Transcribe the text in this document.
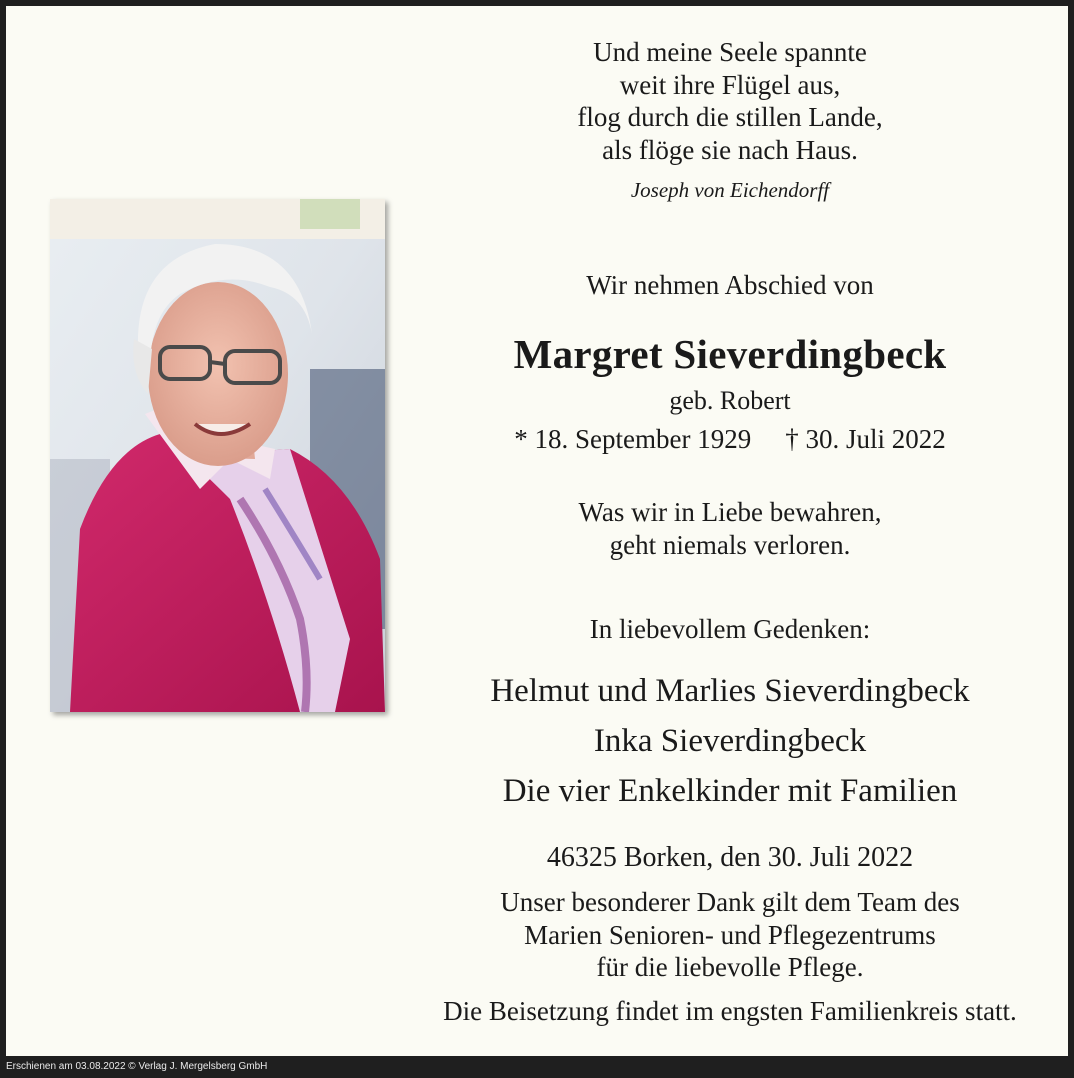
Und meine Seele spannte
weit ihre Flügel aus,
flog durch die stillen Lande,
als flöge sie nach Haus.
Joseph von Eichendorff
Wir nehmen Abschied von
Margret Sieverdingbeck
geb. Robert
* 18. September 1929 † 30. Juli 2022
Was wir in Liebe bewahren,
geht niemals verloren.
In liebevollem Gedenken:
Helmut und Marlies Sieverdingbeck
Inka Sieverdingbeck
Die vier Enkelkinder mit Familien
46325 Borken, den 30. Juli 2022
Unser besonderer Dank gilt dem Team des
Marien Senioren- und Pflegezentrums
für die liebevolle Pflege.
Die Beisetzung findet im engsten Familienkreis statt.
Erschienen am 03.08.2022 © Verlag J. Mergelsberg GmbH
